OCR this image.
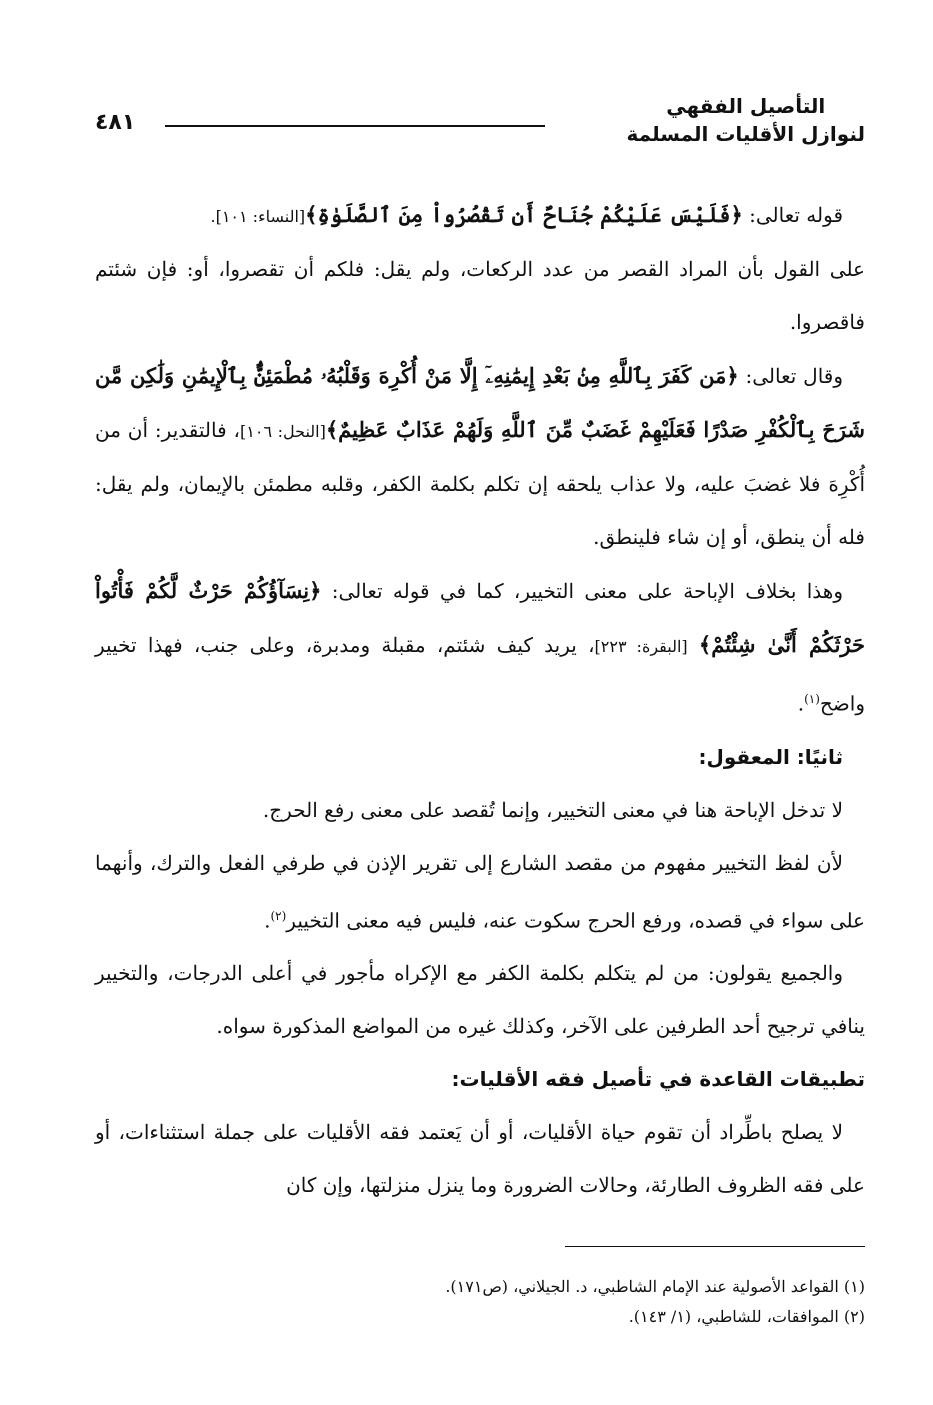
التأصيل الفقهي
لنوازل الأقليات المسلمة
٤٨١

قوله تعالى: ﴿فَلَيْسَ عَلَيْكُمْ جُنَاحٌ أَن تَقْصُرُواْ مِنَ ٱلصَّلَوٰةِ﴾[النساء: ١٠١].

على القول بأن المراد القصر من عدد الركعات، ولم يقل: فلكم أن تقصروا، أو: فإن شئتم فاقصروا.

وقال تعالى: ﴿مَن كَفَرَ بِٱللَّهِ مِنۢ بَعْدِ إِيمَٰنِهِۦٓ إِلَّا مَنْ أُكْرِهَ وَقَلْبُهُۥ مُطْمَئِنٌّۢ بِٱلْإِيمَٰنِ وَلَٰكِن مَّن شَرَحَ بِٱلْكُفْرِ صَدْرًا فَعَلَيْهِمْ غَضَبٌ مِّنَ ٱللَّهِ وَلَهُمْ عَذَابٌ عَظِيمٌ﴾[النحل: ١٠٦]، فالتقدير: أن من أُكْرِهَ فلا غضبَ عليه، ولا عذاب يلحقه إن تكلم بكلمة الكفر، وقلبه مطمئن بالإيمان، ولم يقل: فله أن ينطق، أو إن شاء فلينطق.

وهذا بخلاف الإباحة على معنى التخيير، كما في قوله تعالى: ﴿نِسَآؤُكُمْ حَرْثٌ لَّكُمْ فَأْتُواْ حَرْثَكُمْ أَنَّىٰ شِئْتُمْ﴾ [البقرة: ٢٢٣]، يريد كيف شئتم، مقبلة ومدبرة، وعلى جنب، فهذا تخيير واضح$^{(١)}$.

ثانيًا: المعقول:

لا تدخل الإباحة هنا في معنى التخيير، وإنما تُقصد على معنى رفع الحرج.

لأن لفظ التخيير مفهوم من مقصد الشارع إلى تقرير الإذن في طرفي الفعل والترك، وأنهما على سواء في قصده، ورفع الحرج سكوت عنه، فليس فيه معنى التخيير$^{(٢)}$.

والجميع يقولون: من لم يتكلم بكلمة الكفر مع الإكراه مأجور في أعلى الدرجات، والتخيير ينافي ترجيح أحد الطرفين على الآخر، وكذلك غيره من المواضع المذكورة سواه.

تطبيقات القاعدة في تأصيل فقه الأقليات:

لا يصلح باطِّراد أن تقوم حياة الأقليات، أو أن يَعتمد فقه الأقليات على جملة استثناءات، أو على فقه الظروف الطارئة، وحالات الضرورة وما ينزل منزلتها، وإن كان

(١) القواعد الأصولية عند الإمام الشاطبي، د. الجيلاني، (ص١٧١).

(٢) الموافقات، للشاطبي، (١/ ١٤٣).
